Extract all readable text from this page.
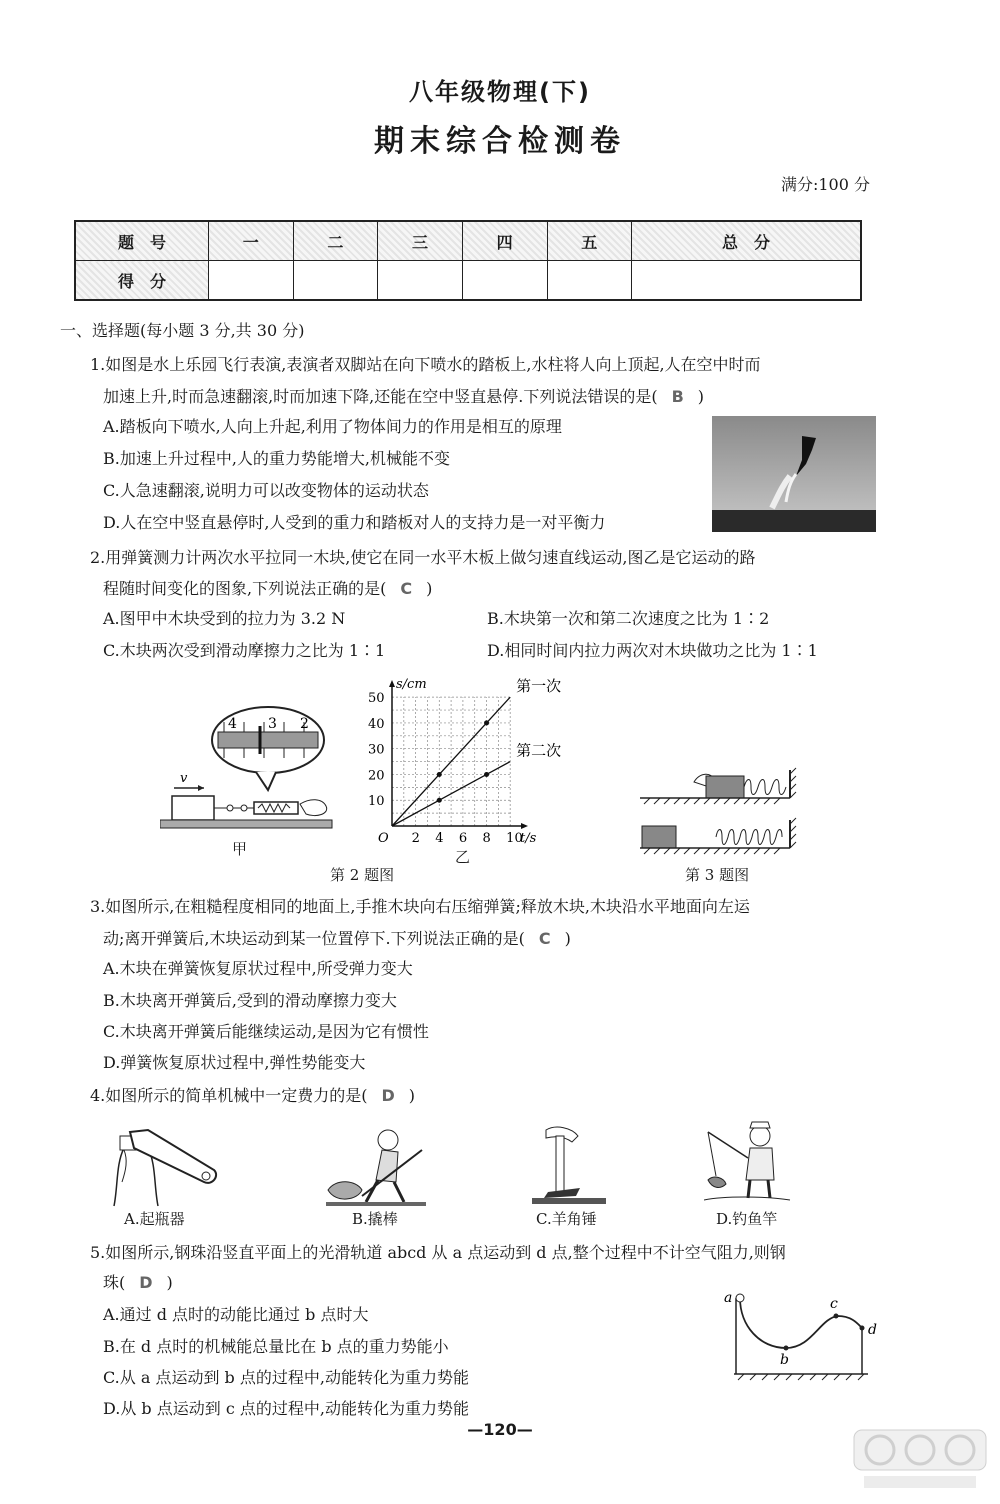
八年级物理(下)
期末综合检测卷
满分:100 分
题　号	一	二	三	四	五	总　分
得　分						
一、选择题(每小题 3 分,共 30 分)
1.如图是水上乐园飞行表演,表演者双脚站在向下喷水的踏板上,水柱将人向上顶起,人在空中时而
加速上升,时而急速翻滚,时而加速下降,还能在空中竖直悬停.下列说法错误的是( B )
A.踏板向下喷水,人向上升起,利用了物体间力的作用是相互的原理
B.加速上升过程中,人的重力势能增大,机械能不变
C.人急速翻滚,说明力可以改变物体的运动状态
D.人在空中竖直悬停时,人受到的重力和踏板对人的支持力是一对平衡力
2.用弹簧测力计两次水平拉同一木块,使它在同一水平木板上做匀速直线运动,图乙是它运动的路
程随时间变化的图象,下列说法正确的是( C )
A.图甲中木块受到的拉力为 3.2 N	B.木块第一次和第二次速度之比为 1∶2
C.木块两次受到滑动摩擦力之比为 1∶1	D.相同时间内拉力两次对木块做功之比为 1∶1
4 3 2
v
甲
2 4 6 8 10
10
20
30
40
50
O	t/s
s/cm	第一次
第二次
乙
第 2 题图	第 3 题图
3.如图所示,在粗糙程度相同的地面上,手推木块向右压缩弹簧;释放木块,木块沿水平地面向左运
动;离开弹簧后,木块运动到某一位置停下.下列说法正确的是( C )
A.木块在弹簧恢复原状过程中,所受弹力变大
B.木块离开弹簧后,受到的滑动摩擦力变大
C.木块离开弹簧后能继续运动,是因为它有惯性
D.弹簧恢复原状过程中,弹性势能变大
4.如图所示的简单机械中一定费力的是( D )
A.起瓶器	B.撬棒	C.羊角锤	D.钓鱼竿
5.如图所示,钢珠沿竖直平面上的光滑轨道 abcd 从 a 点运动到 d 点,整个过程中不计空气阻力,则钢
珠( D )
A.通过 d 点时的动能比通过 b 点时大
B.在 d 点时的机械能总量比在 b 点的重力势能小
C.从 a 点运动到 b 点的过程中,动能转化为重力势能
D.从 b 点运动到 c 点的过程中,动能转化为重力势能
a
b
c
d
—120—
